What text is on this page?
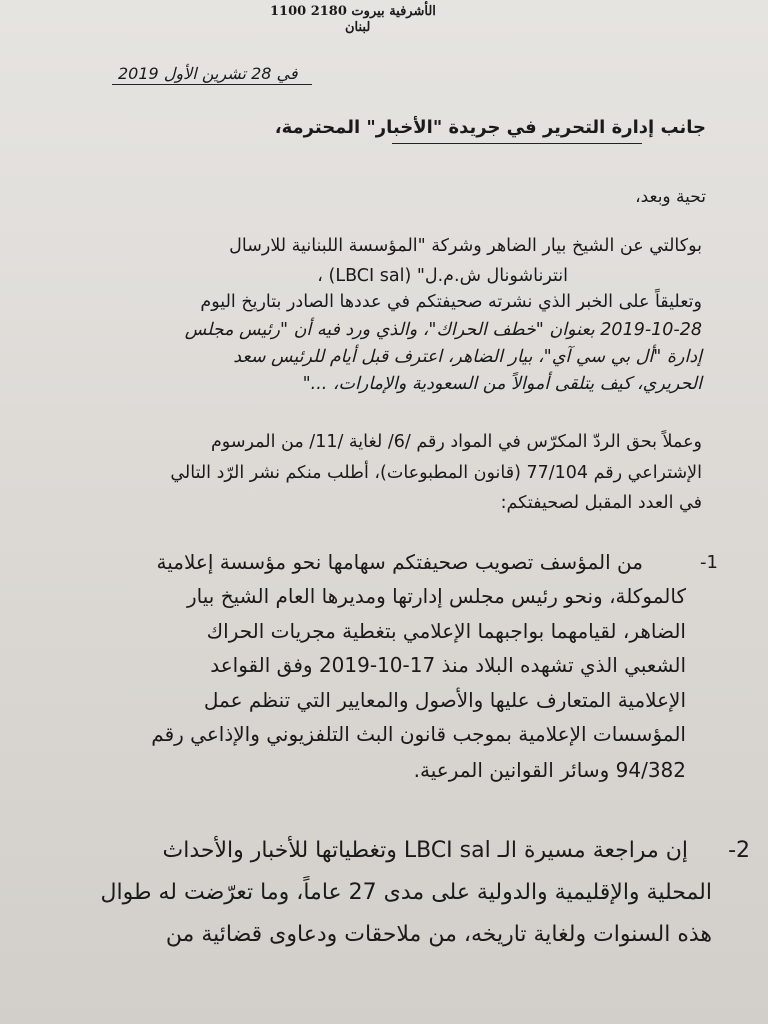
الأشرفية بيروت 2180 1100
لبنان
في 28 تشرين الأول 2019
جانب إدارة التحرير في جريدة "الأخبار" المحترمة،
تحية وبعد،
بوكالتي عن الشيخ بيار الضاهر وشركة "المؤسسة اللبنانية للارسال
انترناشونال ش.م.ل" (LBCI sal) ،
وتعليقاً على الخبر الذي نشرته صحيفتكم في عددها الصادر بتاريخ اليوم
2019-10-28 بعنوان "خطف الحراك"، والذي ورد فيه أن "رئيس مجلس
إدارة "أل بي سي آي"، بيار الضاهر، اعترف قبل أيام للرئيس سعد
الحريري، كيف يتلقى أموالاً من السعودية والإمارات، ..."
وعملاً بحق الردّ المكرّس في المواد رقم /6/ لغاية /11/ من المرسوم
الإشتراعي رقم 77/104 (قانون المطبوعات)، أطلب منكم نشر الرّد التالي
في العدد المقبل لصحيفتكم:
-1
من المؤسف تصويب صحيفتكم سهامها نحو مؤسسة إعلامية
كالموكلة، ونحو رئيس مجلس إدارتها ومديرها العام الشيخ بيار
الضاهر، لقيامهما بواجبهما الإعلامي بتغطية مجريات الحراك
الشعبي الذي تشهده البلاد منذ 17-10-2019 وفق القواعد
الإعلامية المتعارف عليها والأصول والمعايير التي تنظم عمل
المؤسسات الإعلامية بموجب قانون البث التلفزيوني والإذاعي رقم
94/382 وسائر القوانين المرعية.
-2
إن مراجعة مسيرة الـ LBCI sal وتغطياتها للأخبار والأحداث
المحلية والإقليمية والدولية على مدى 27 عاماً، وما تعرّضت له طوال
هذه السنوات ولغاية تاريخه، من ملاحقات ودعاوى قضائية من
